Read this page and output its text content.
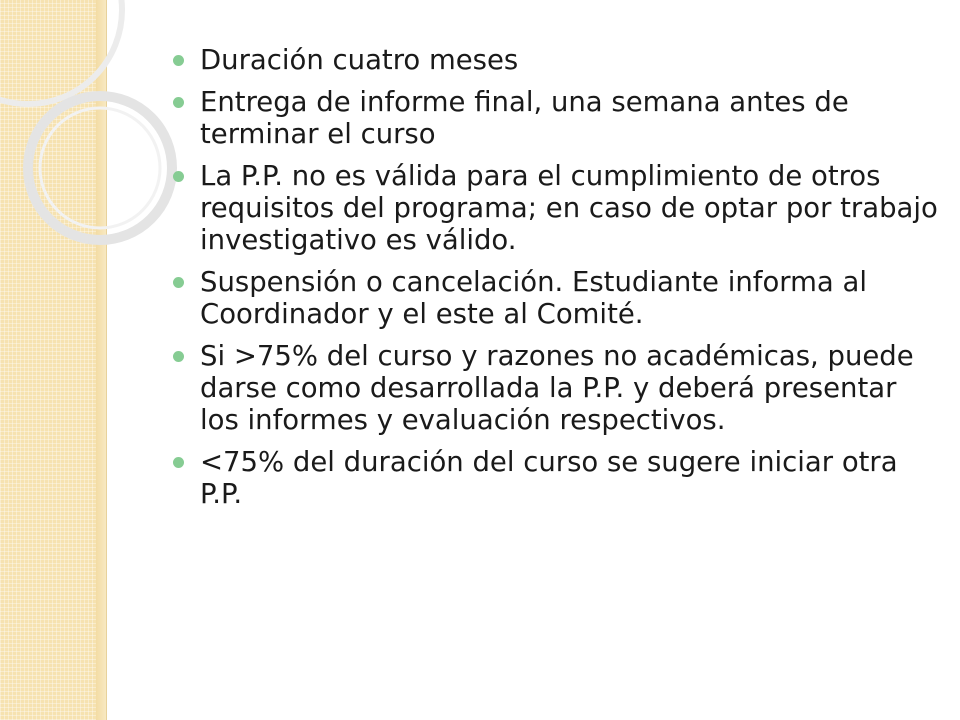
Duración cuatro meses
Entrega de informe final, una semana antes de terminar el curso
La P.P. no es válida para el cumplimiento de otros requisitos del programa; en caso de optar por trabajo investigativo es válido.
Suspensión o cancelación. Estudiante informa al Coordinador y el este al Comité.
Si >75% del curso y razones no académicas, puede darse como desarrollada la P.P. y deberá presentar los informes y evaluación respectivos.
<75% del duración del curso se sugere iniciar otra P.P.
